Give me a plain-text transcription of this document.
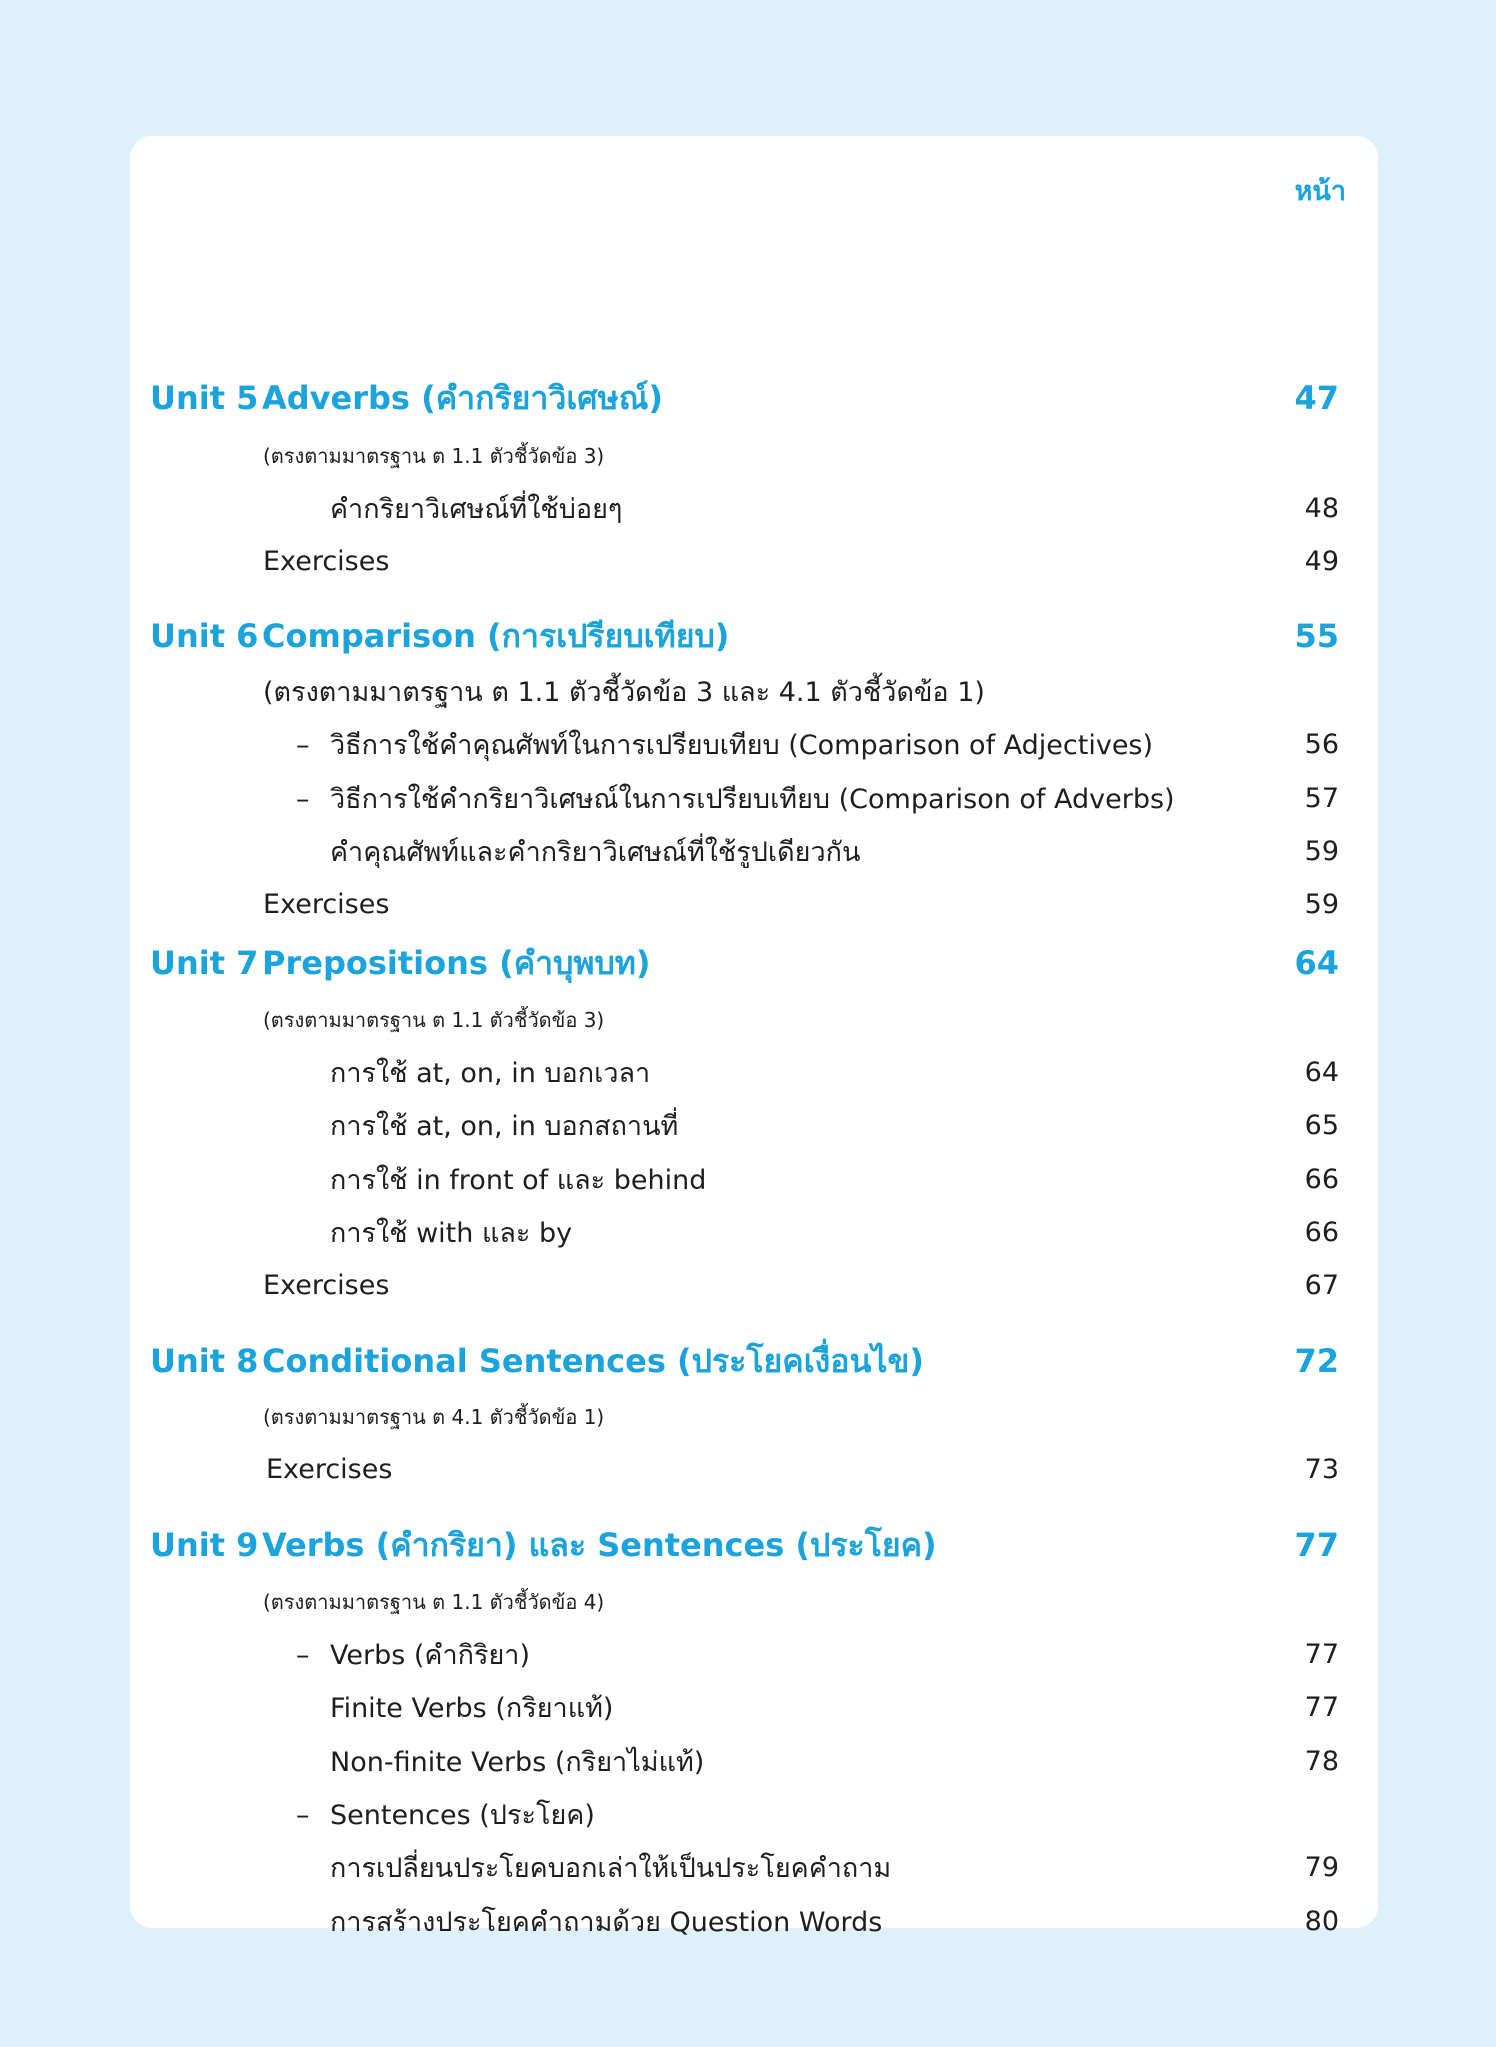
หน้า
Unit 5 Adverbs (คำกริยาวิเศษณ์)	47
(ตรงตามมาตรฐาน ต 1.1 ตัวชี้วัดข้อ 3)
คำกริยาวิเศษณ์ที่ใช้บ่อยๆ	48
Exercises	49
Unit 6 Comparison (การเปรียบเทียบ)	55
(ตรงตามมาตรฐาน ต 1.1 ตัวชี้วัดข้อ 3 และ 4.1 ตัวชี้วัดข้อ 1)
– วิธีการใช้คำคุณศัพท์ในการเปรียบเทียบ (Comparison of Adjectives)	56
– วิธีการใช้คำกริยาวิเศษณ์ในการเปรียบเทียบ (Comparison of Adverbs)	57
คำคุณศัพท์และคำกริยาวิเศษณ์ที่ใช้รูปเดียวกัน	59
Exercises	59
Unit 7 Prepositions (คำบุพบท)	64
(ตรงตามมาตรฐาน ต 1.1 ตัวชี้วัดข้อ 3)
การใช้ at, on, in บอกเวลา	64
การใช้ at, on, in บอกสถานที่	65
การใช้ in front of และ behind	66
การใช้ with และ by	66
Exercises	67
Unit 8 Conditional Sentences (ประโยคเงื่อนไข)	72
(ตรงตามมาตรฐาน ต 4.1 ตัวชี้วัดข้อ 1)
Exercises	73
Unit 9 Verbs (คำกริยา) และ Sentences (ประโยค)	77
(ตรงตามมาตรฐาน ต 1.1 ตัวชี้วัดข้อ 4)
– Verbs (คำกิริยา)	77
Finite Verbs (กริยาแท้)	77
Non-finite Verbs (กริยาไม่แท้)	78
– Sentences (ประโยค)
การเปลี่ยนประโยคบอกเล่าให้เป็นประโยคคำถาม	79
การสร้างประโยคคำถามด้วย Question Words	80
